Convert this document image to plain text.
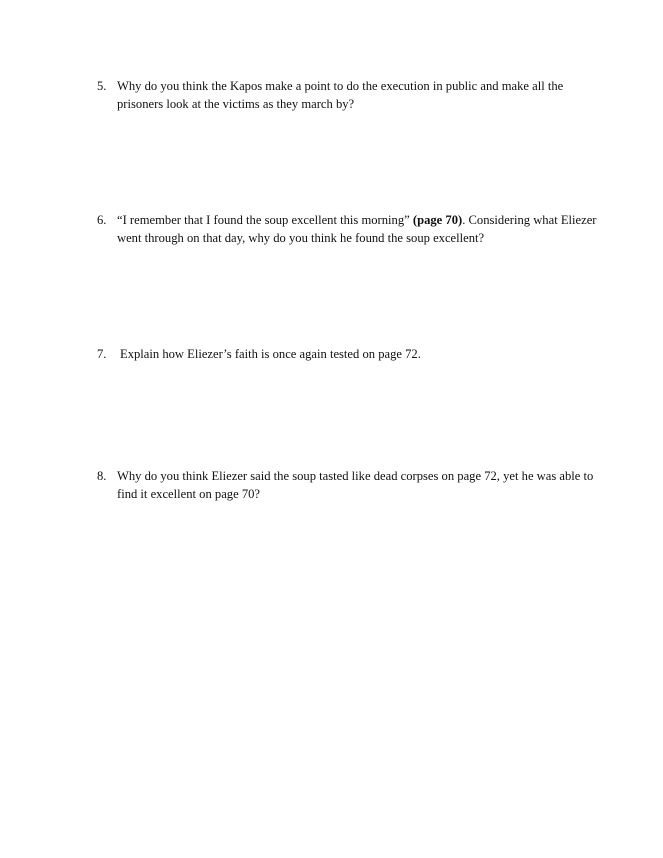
5. Why do you think the Kapos make a point to do the execution in public and make all the prisoners look at the victims as they march by?
6. “I remember that I found the soup excellent this morning” (page 70). Considering what Eliezer went through on that day, why do you think he found the soup excellent?
7.	Explain how Eliezer’s faith is once again tested on page 72.
8. Why do you think Eliezer said the soup tasted like dead corpses on page 72, yet he was able to find it excellent on page 70?
